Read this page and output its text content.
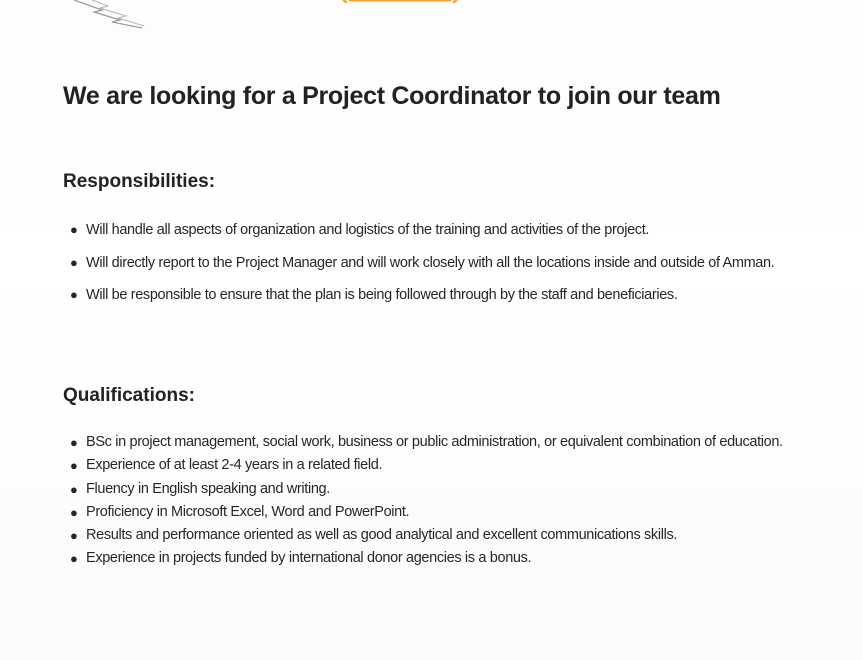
We are looking for a Project Coordinator to join our team
Responsibilities:
● Will handle all aspects of organization and logistics of the training and activities of the project.
● Will directly report to the Project Manager and will work closely with all the locations inside and outside of Amman.
● Will be responsible to ensure that the plan is being followed through by the staff and beneficiaries.
Qualifications:
● BSc in project management, social work, business or public administration, or equivalent combination of education.
● Experience of at least 2-4 years in a related field.
● Fluency in English speaking and writing.
● Proficiency in Microsoft Excel, Word and PowerPoint.
● Results and performance oriented as well as good analytical and excellent communications skills.
● Experience in projects funded by international donor agencies is a bonus.
